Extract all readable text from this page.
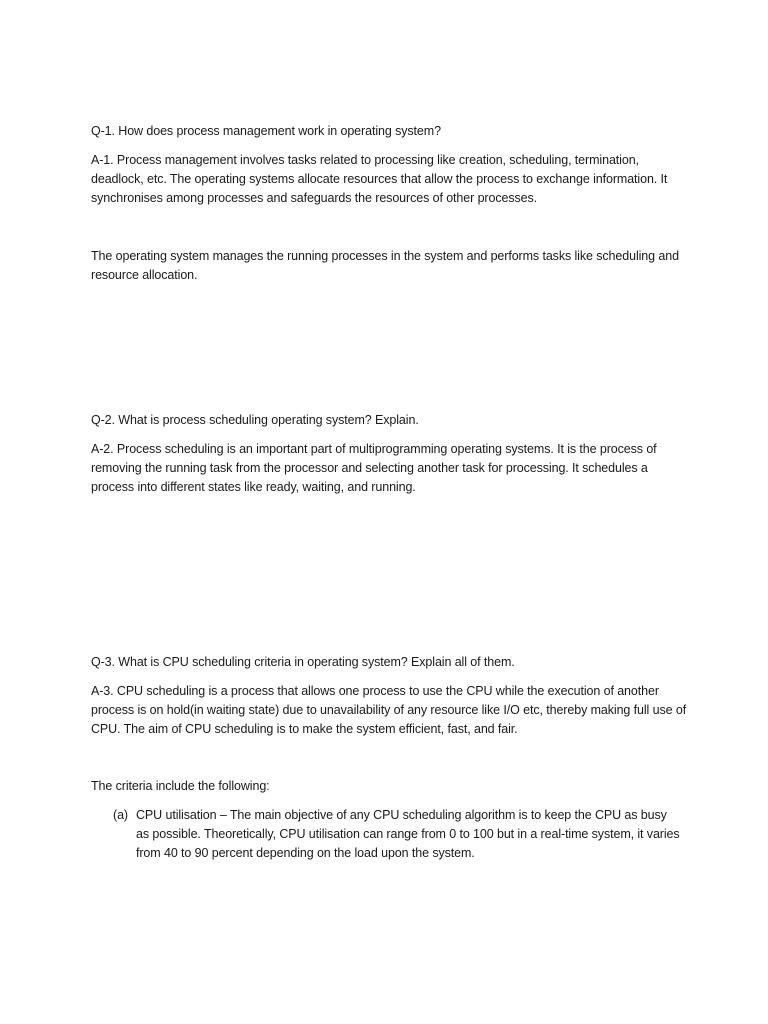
Q-1. How does process management work in operating system?

A-1. Process management involves tasks related to processing like creation, scheduling, termination, deadlock, etc. The operating systems allocate resources that allow the process to exchange information. It synchronises among processes and safeguards the resources of other processes.

The operating system manages the running processes in the system and performs tasks like scheduling and resource allocation.

Q-2. What is process scheduling operating system? Explain.

A-2. Process scheduling is an important part of multiprogramming operating systems. It is the process of removing the running task from the processor and selecting another task for processing. It schedules a process into different states like ready, waiting, and running.

Q-3. What is CPU scheduling criteria in operating system? Explain all of them.

A-3. CPU scheduling is a process that allows one process to use the CPU while the execution of another process is on hold(in waiting state) due to unavailability of any resource like I/O etc, thereby making full use of CPU. The aim of CPU scheduling is to make the system efficient, fast, and fair.

The criteria include the following:

(a) CPU utilisation – The main objective of any CPU scheduling algorithm is to keep the CPU as busy as possible. Theoretically, CPU utilisation can range from 0 to 100 but in a real-time system, it varies from 40 to 90 percent depending on the load upon the system.
